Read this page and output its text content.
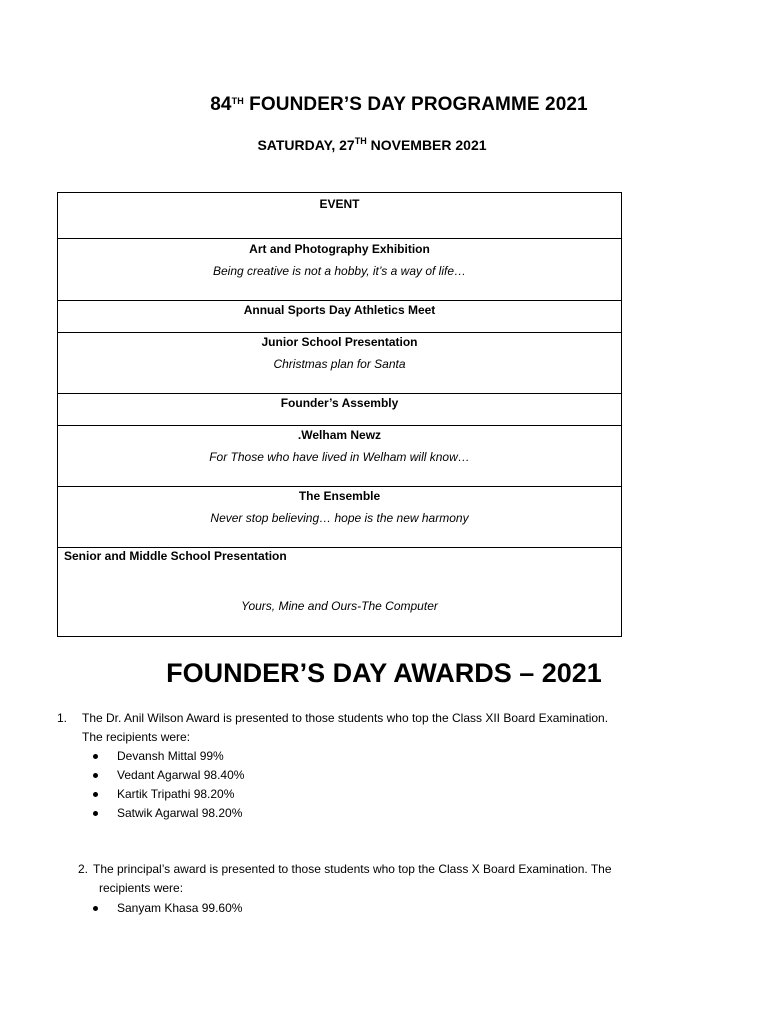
84TH FOUNDER’S DAY PROGRAMME 2021
SATURDAY, 27TH NOVEMBER 2021
EVENT

Art and Photography Exhibition
Being creative is not a hobby, it’s a way of life…

Annual Sports Day Athletics Meet

Junior School Presentation
Christmas plan for Santa

Founder’s Assembly

.Welham Newz
For Those who have lived in Welham will know…

The Ensemble
Never stop believing… hope is the new harmony

Senior and Middle School Presentation
Yours, Mine and Ours-The Computer
FOUNDER’S DAY AWARDS – 2021
1. The Dr. Anil Wilson Award is presented to those students who top the Class XII Board Examination.
The recipients were:
Devansh Mittal 99%
Vedant Agarwal 98.40%
Kartik Tripathi 98.20%
Satwik Agarwal 98.20%
2. The principal’s award is presented to those students who top the Class X Board Examination. The
recipients were:
Sanyam Khasa 99.60%
